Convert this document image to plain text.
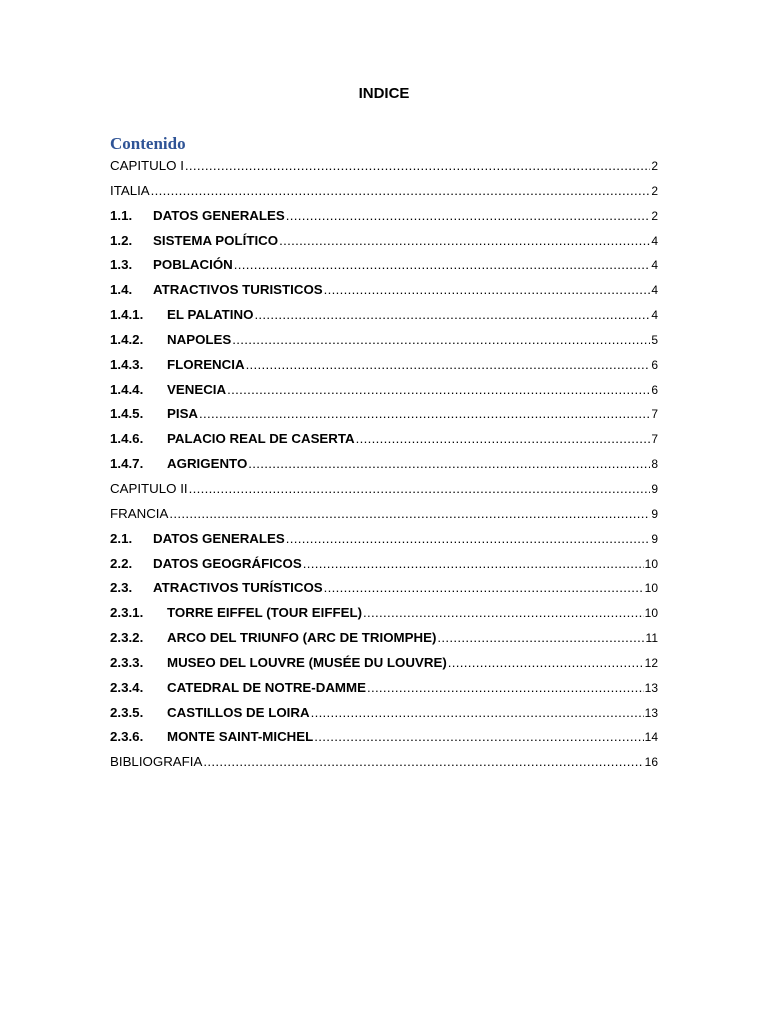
INDICE
Contenido
CAPITULO I .....	2
ITALIA .....	2
1.1.	DATOS GENERALES .....	2
1.2.	SISTEMA POLÍTICO .....	4
1.3.	POBLACIÓN .....	4
1.4.	ATRACTIVOS TURISTICOS .....	4
1.4.1.	EL PALATINO .....	4
1.4.2.	NAPOLES .....	5
1.4.3.	FLORENCIA .....	6
1.4.4.	VENECIA .....	6
1.4.5.	PISA .....	7
1.4.6.	PALACIO REAL DE CASERTA .....	7
1.4.7.	AGRIGENTO .....	8
CAPITULO II .....	9
FRANCIA .....	9
2.1.	DATOS GENERALES .....	9
2.2.	DATOS GEOGRÁFICOS .....	10
2.3.	ATRACTIVOS TURÍSTICOS .....	10
2.3.1.	TORRE EIFFEL (TOUR EIFFEL) .....	10
2.3.2.	ARCO DEL TRIUNFO (ARC DE TRIOMPHE) .....	11
2.3.3.	MUSEO DEL LOUVRE (MUSÉE DU LOUVRE) .....	12
2.3.4.	CATEDRAL DE NOTRE-DAMME .....	13
2.3.5.	CASTILLOS DE LOIRA .....	13
2.3.6.	MONTE SAINT-MICHEL .....	14
BIBLIOGRAFIA .....	16
